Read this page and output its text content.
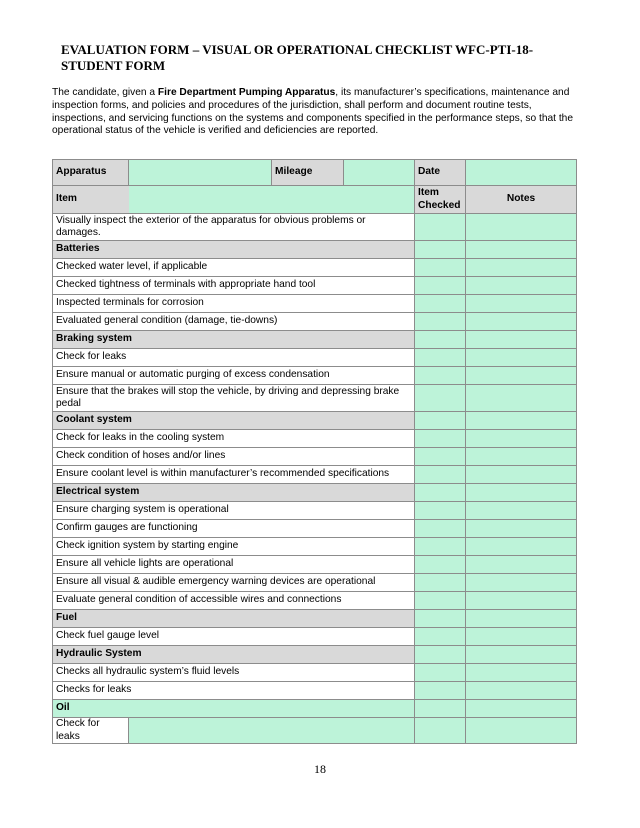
EVALUATION FORM – VISUAL OR OPERATIONAL CHECKLIST WFC-PTI-18- STUDENT FORM

The candidate, given a Fire Department Pumping Apparatus, its manufacturer’s specifications, maintenance and inspection forms, and policies and procedures of the jurisdiction, shall perform and document routine tests, inspections, and servicing functions on the systems and components specified in the performance steps, so that the operational status of the vehicle is verified and deficiencies are reported.

Apparatus		Mileage		Date	
Item				Item Checked	Notes
Visually inspect the exterior of the apparatus for obvious problems or damages.					
Batteries					
Checked water level, if applicable					
Checked tightness of terminals with appropriate hand tool					
Inspected terminals for corrosion					
Evaluated general condition (damage, tie-downs)					
Braking system					
Check for leaks					
Ensure manual or automatic purging of excess condensation					
Ensure that the brakes will stop the vehicle, by driving and depressing brake pedal					
Coolant system					
Check for leaks in the cooling system					
Check condition of hoses and/or lines					
Ensure coolant level is within manufacturer’s recommended specifications					
Electrical system					
Ensure charging system is operational					
Confirm gauges are functioning					
Check ignition system by starting engine					
Ensure all vehicle lights are operational					
Ensure all visual & audible emergency warning devices are operational					
Evaluate general condition of accessible wires and connections					
Fuel					
Check fuel gauge level					
Hydraulic System					
Checks all hydraulic system’s fluid levels					
Checks for leaks					
Oil					
Check for leaks					

18
